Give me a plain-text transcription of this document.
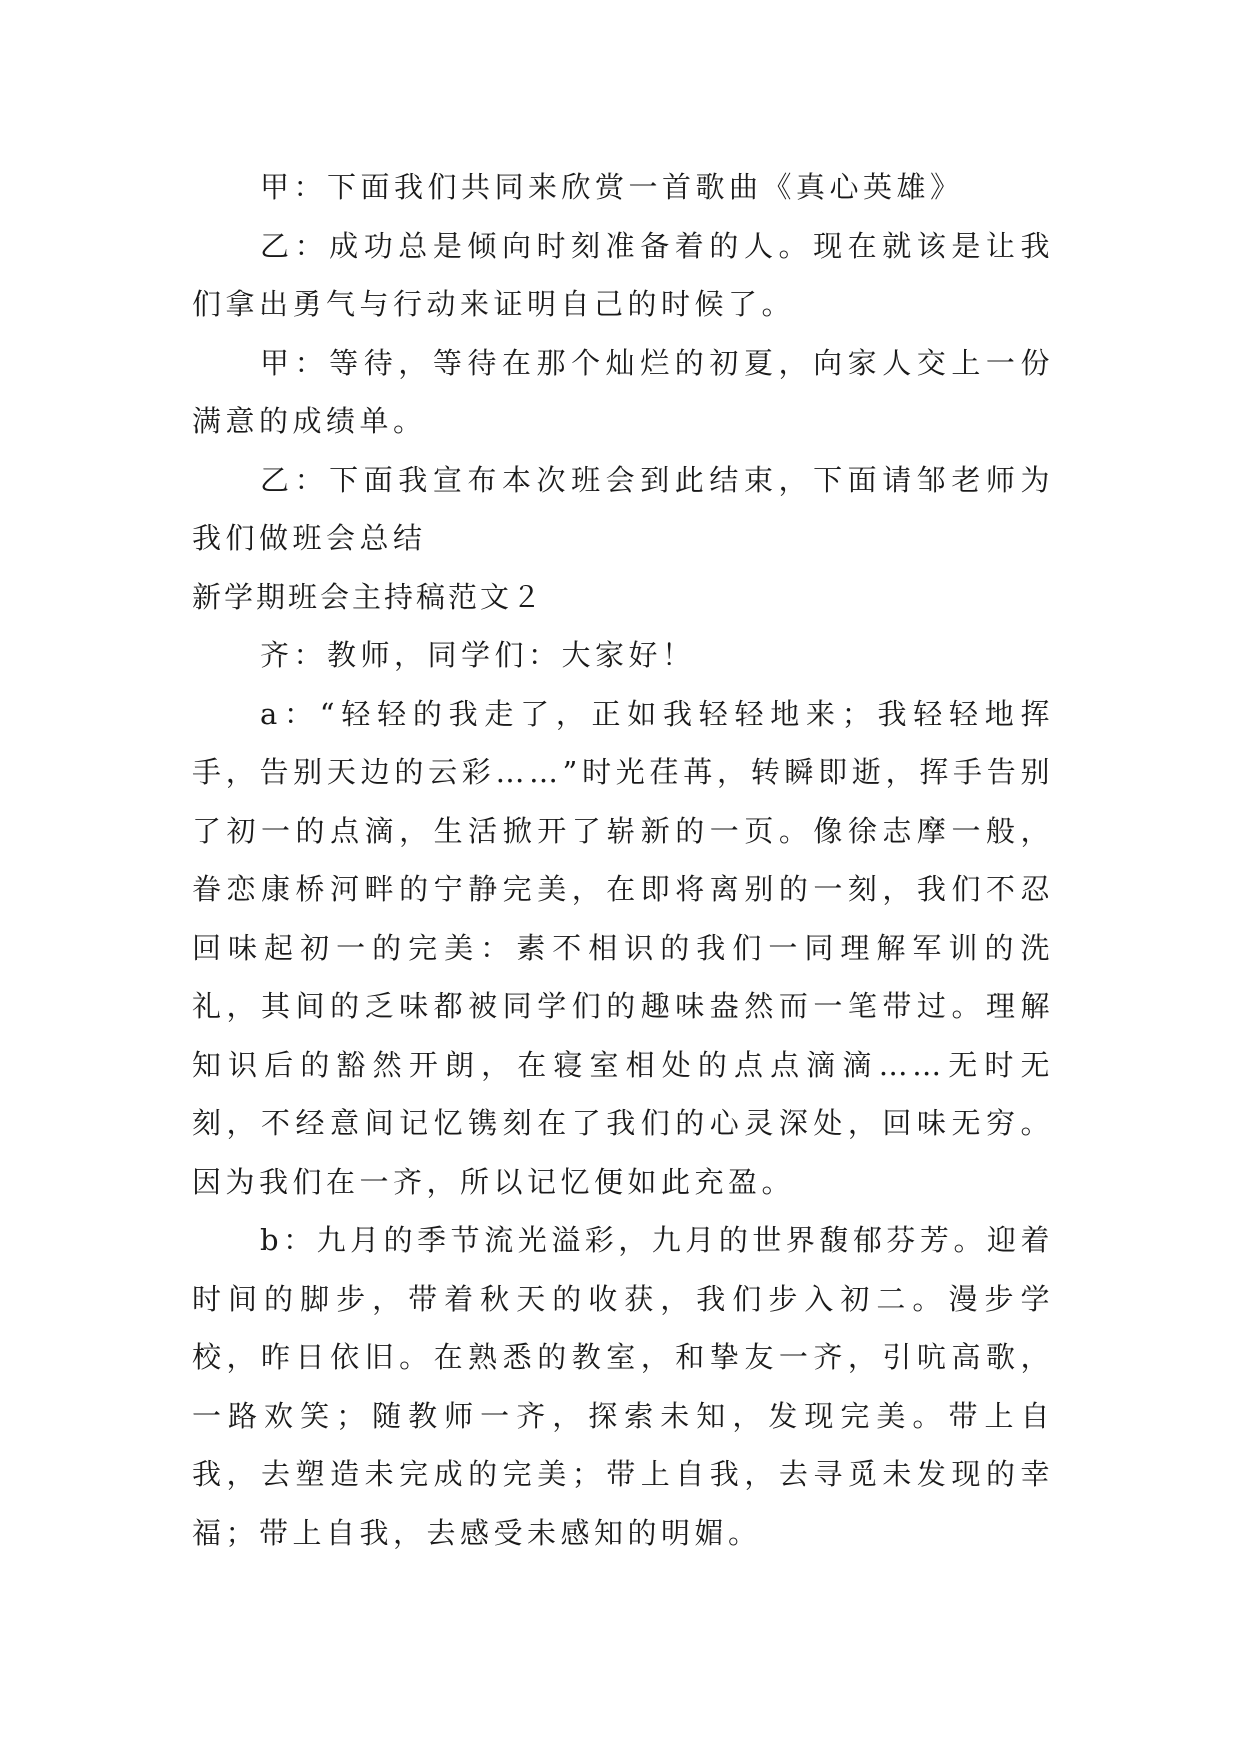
甲：下面我们共同来欣赏一首歌曲《真心英雄》

乙：成功总是倾向时刻准备着的人。现在就该是让我们拿出勇气与行动来证明自己的时候了。

甲：等待，等待在那个灿烂的初夏，向家人交上一份满意的成绩单。

乙：下面我宣布本次班会到此结束，下面请邹老师为我们做班会总结

新学期班会主持稿范文２

齐：教师，同学们：大家好！

a：“轻轻的我走了，正如我轻轻地来；我轻轻地挥手，告别天边的云彩……”时光荏苒，转瞬即逝，挥手告别了初一的点滴，生活掀开了崭新的一页。像徐志摩一般，眷恋康桥河畔的宁静完美，在即将离别的一刻，我们不忍回味起初一的完美：素不相识的我们一同理解军训的洗礼，其间的乏味都被同学们的趣味盎然而一笔带过。理解知识后的豁然开朗，在寝室相处的点点滴滴……无时无刻，不经意间记忆镌刻在了我们的心灵深处，回味无穷。因为我们在一齐，所以记忆便如此充盈。

b：九月的季节流光溢彩，九月的世界馥郁芬芳。迎着时间的脚步，带着秋天的收获，我们步入初二。漫步学校，昨日依旧。在熟悉的教室，和挚友一齐，引吭高歌，一路欢笑；随教师一齐，探索未知，发现完美。带上自我，去塑造未完成的完美；带上自我，去寻觅未发现的幸福；带上自我，去感受未感知的明媚。
